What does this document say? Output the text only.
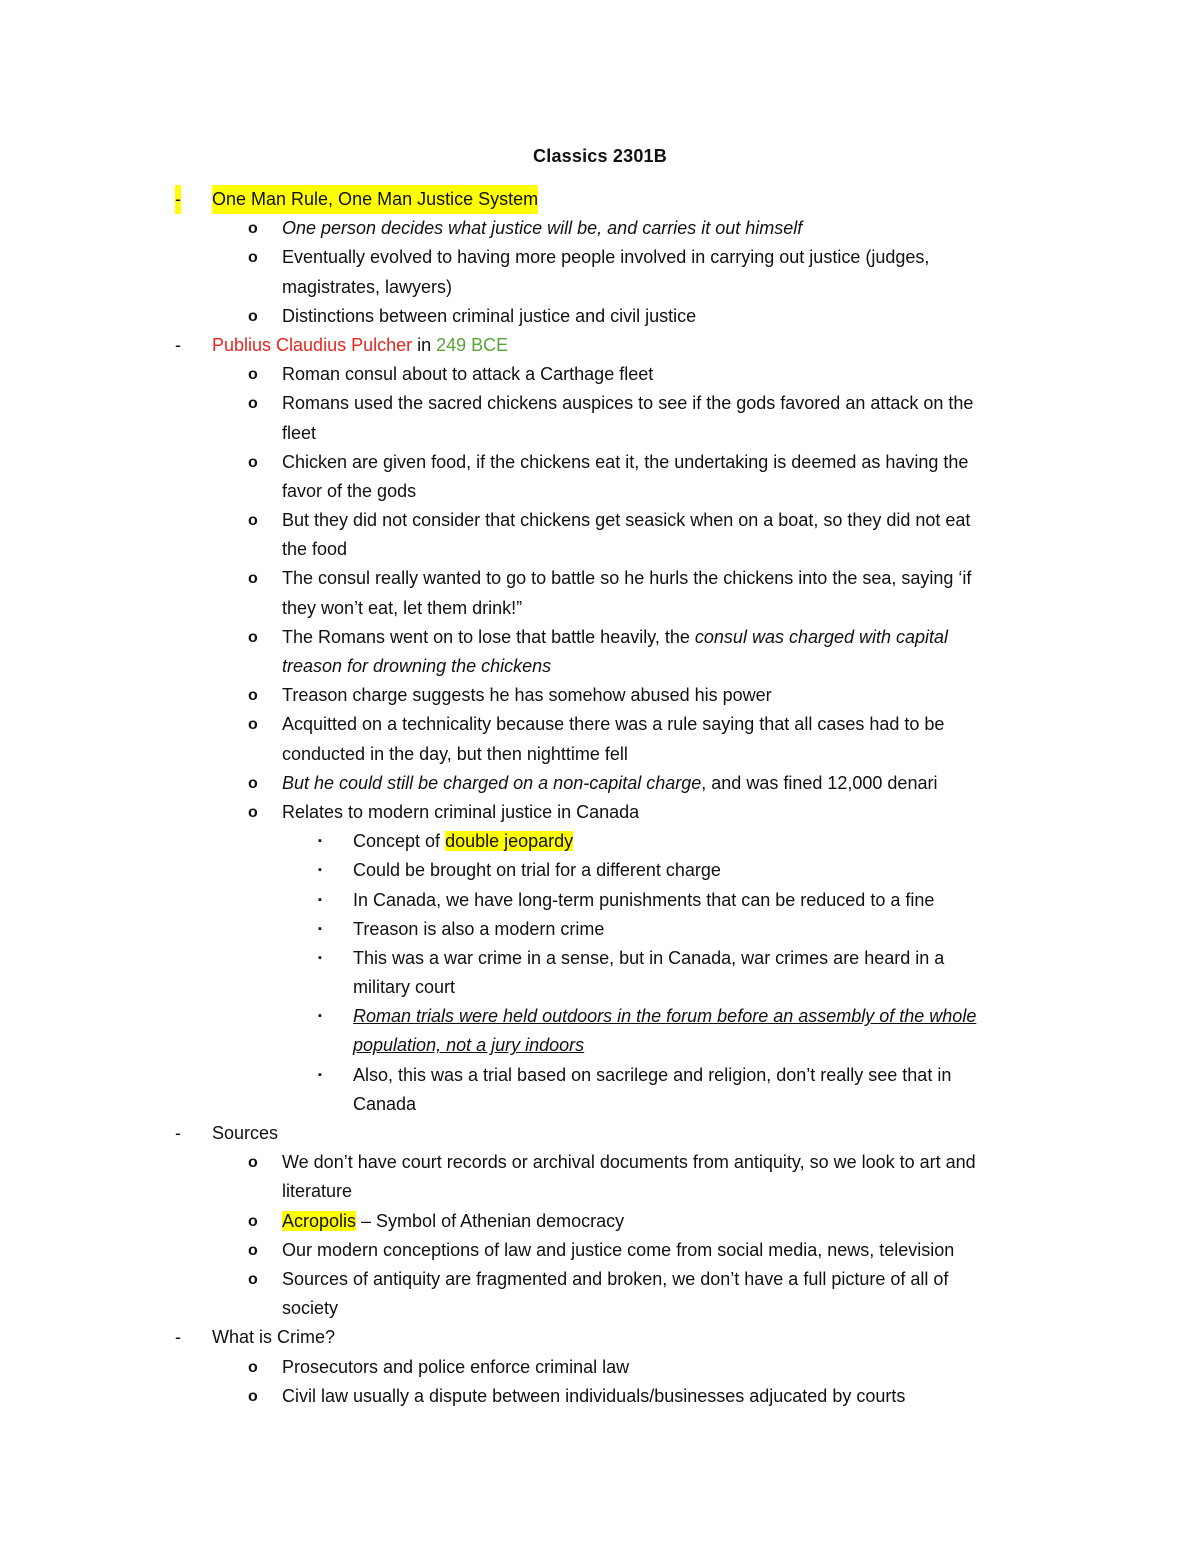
Classics 2301B
- One Man Rule, One Man Justice System
o One person decides what justice will be, and carries it out himself
o Eventually evolved to having more people involved in carrying out justice (judges,
magistrates, lawyers)
o Distinctions between criminal justice and civil justice
- Publius Claudius Pulcher in 249 BCE
o Roman consul about to attack a Carthage fleet
o Romans used the sacred chickens auspices to see if the gods favored an attack on the
fleet
o Chicken are given food, if the chickens eat it, the undertaking is deemed as having the
favor of the gods
o But they did not consider that chickens get seasick when on a boat, so they did not eat
the food
o The consul really wanted to go to battle so he hurls the chickens into the sea, saying ‘if
they won’t eat, let them drink!”
o The Romans went on to lose that battle heavily, the consul was charged with capital
treason for drowning the chickens
o Treason charge suggests he has somehow abused his power
o Acquitted on a technicality because there was a rule saying that all cases had to be
conducted in the day, but then nighttime fell
o But he could still be charged on a non-capital charge, and was fined 12,000 denari
o Relates to modern criminal justice in Canada
▪ Concept of double jeopardy
▪ Could be brought on trial for a different charge
▪ In Canada, we have long-term punishments that can be reduced to a fine
▪ Treason is also a modern crime
▪ This was a war crime in a sense, but in Canada, war crimes are heard in a
military court
▪ Roman trials were held outdoors in the forum before an assembly of the whole
population, not a jury indoors
▪ Also, this was a trial based on sacrilege and religion, don’t really see that in
Canada
- Sources
o We don’t have court records or archival documents from antiquity, so we look to art and
literature
o Acropolis – Symbol of Athenian democracy
o Our modern conceptions of law and justice come from social media, news, television
o Sources of antiquity are fragmented and broken, we don’t have a full picture of all of
society
- What is Crime?
o Prosecutors and police enforce criminal law
o Civil law usually a dispute between individuals/businesses adjucated by courts
